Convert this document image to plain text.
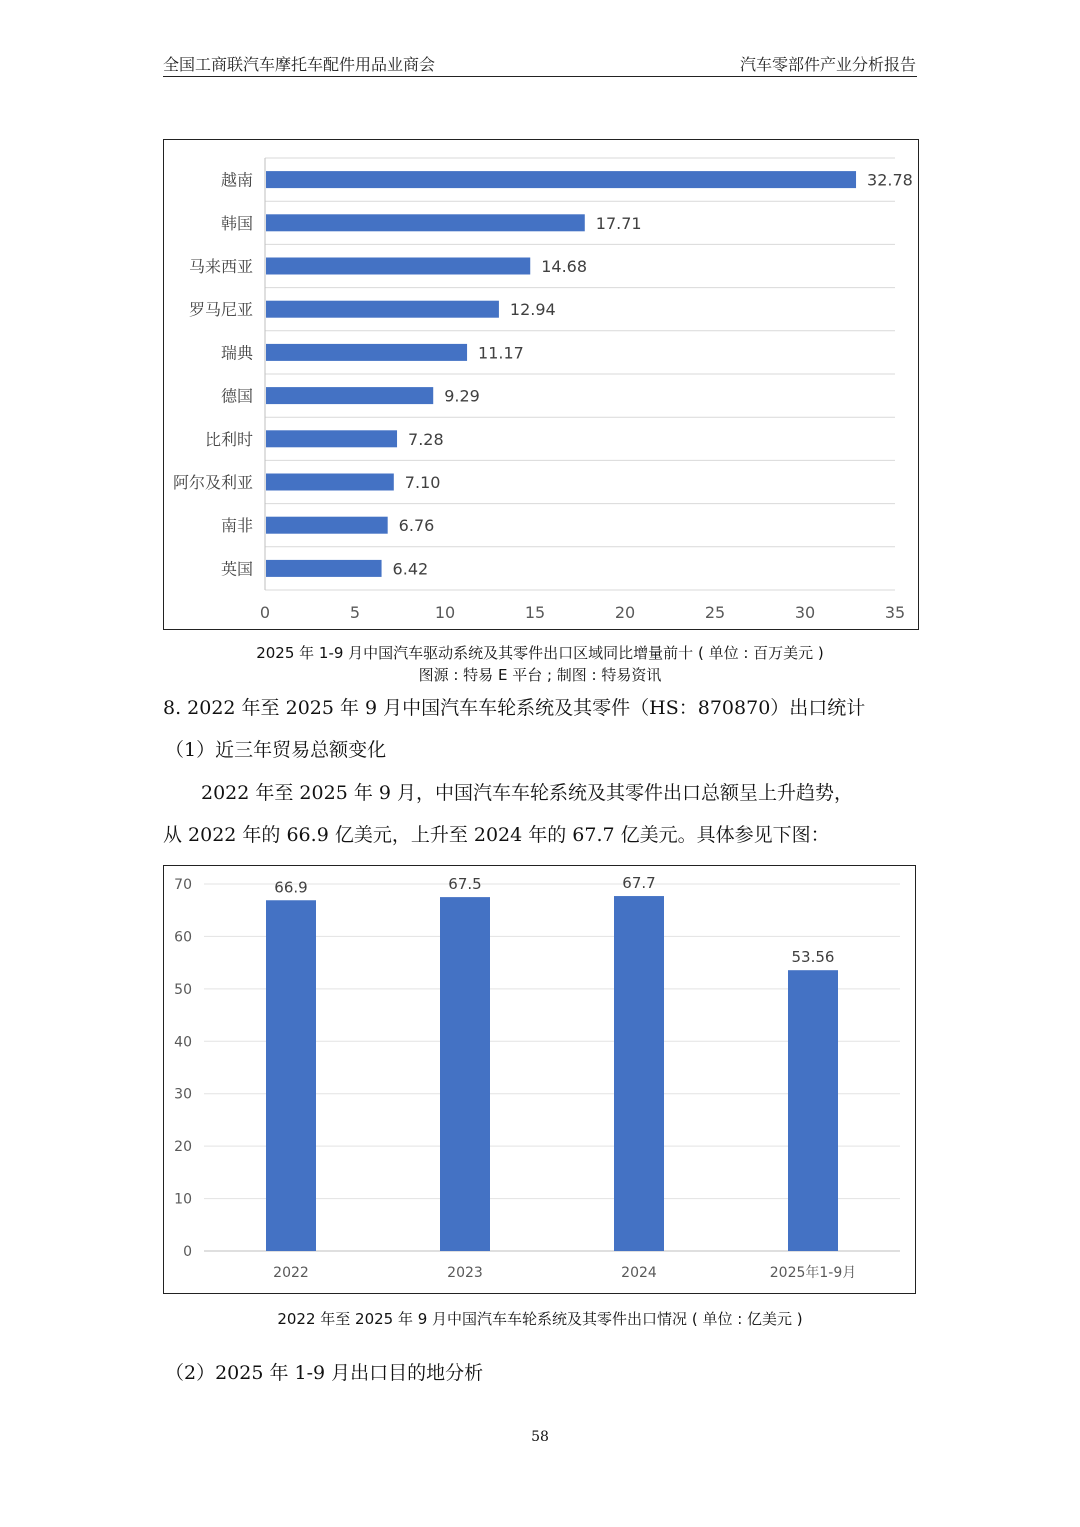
全国工商联汽车摩托车配件用品业商会	汽车零部件产业分析报告
越南	32.78
韩国	17.71
马来西亚	14.68
罗马尼亚	12.94
瑞典	11.17
德国	9.29
比利时	7.28
阿尔及利亚	7.10
南非	6.76
英国	6.42
0	5	10	15	20	25	30	35
2025 年 1-9 月中国汽车驱动系统及其零件出口区域同比增量前十 ( 单位 : 百万美元 )
图源 : 特易 E 平台 ; 制图 : 特易资讯
8. 2022 年至 2025 年 9 月中国汽车车轮系统及其零件（HS：870870）出口统计
（1）近三年贸易总额变化
2022 年至 2025 年 9 月，中国汽车车轮系统及其零件出口总额呈上升趋势，
从 2022 年的 66.9 亿美元，上升至 2024 年的 67.7 亿美元。具体参见下图：
0
10
20
30
40
50
60
70	66.9
2022
67.5
2023
67.7
2024
53.56
2025年1-9月
2022 年至 2025 年 9 月中国汽车车轮系统及其零件出口情况 ( 单位 : 亿美元 )
（2）2025 年 1-9 月出口目的地分析
58
